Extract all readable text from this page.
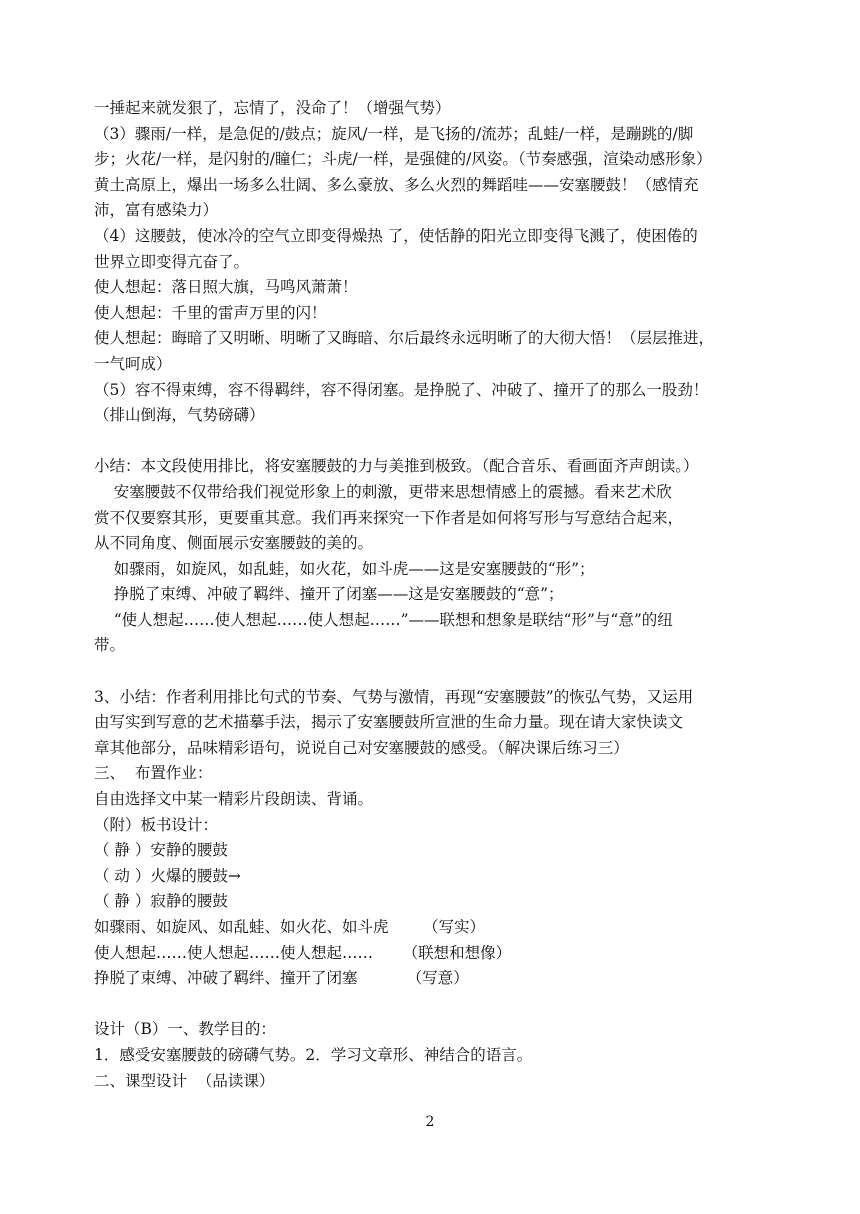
一捶起来就发狠了，忘情了，没命了！（增强气势）
（3）骤雨/一样，是急促的/鼓点；旋风/一样，是飞扬的/流苏；乱蛙/一样，是蹦跳的/脚
步；火花/一样，是闪射的/瞳仁；斗虎/一样，是强健的/风姿。（节奏感强，渲染动感形象）
黄土高原上，爆出一场多么壮阔、多么豪放、多么火烈的舞蹈哇——安塞腰鼓！（感情充
沛，富有感染力）
（4）这腰鼓，使冰冷的空气立即变得燥热 了，使恬静的阳光立即变得飞溅了，使困倦的
世界立即变得亢奋了。
使人想起：落日照大旗，马鸣风萧萧！
使人想起：千里的雷声万里的闪！
使人想起：晦暗了又明晰、明晰了又晦暗、尔后最终永远明晰了的大彻大悟！（层层推进，
一气呵成）
（5）容不得束缚，容不得羁绊，容不得闭塞。是挣脱了、冲破了、撞开了的那么一股劲！
（排山倒海，气势磅礴）
小结：本文段使用排比，将安塞腰鼓的力与美推到极致。（配合音乐、看画面齐声朗读。）
安塞腰鼓不仅带给我们视觉形象上的刺激，更带来思想情感上的震撼。看来艺术欣
赏不仅要察其形，更要重其意。我们再来探究一下作者是如何将写形与写意结合起来，
从不同角度、侧面展示安塞腰鼓的美的。
如骤雨，如旋风，如乱蛙，如火花，如斗虎——这是安塞腰鼓的“形”；
挣脱了束缚、冲破了羁绊、撞开了闭塞——这是安塞腰鼓的“意”；
“使人想起……使人想起……使人想起……”——联想和想象是联结“形”与“意”的纽
带。
3、小结：作者利用排比句式的节奏、气势与激情，再现“安塞腰鼓”的恢弘气势，又运用
由写实到写意的艺术描摹手法，揭示了安塞腰鼓所宣泄的生命力量。现在请大家快读文
章其他部分，品味精彩语句，说说自己对安塞腰鼓的感受。（解决课后练习三）
三、  布置作业：
自由选择文中某一精彩片段朗读、背诵。
（附）板书设计：
（ 静 ）安静的腰鼓
（ 动 ）火爆的腰鼓→
（ 静 ）寂静的腰鼓
如骤雨、如旋风、如乱蛙、如火花、如斗虎       （写实）
使人想起……使人想起……使人想起……      （联想和想像）
挣脱了束缚、冲破了羁绊、撞开了闭塞          （写意）
设计（B）一、教学目的：
1．感受安塞腰鼓的磅礴气势。2．学习文章形、神结合的语言。
二、课型设计  （品读课）
2
